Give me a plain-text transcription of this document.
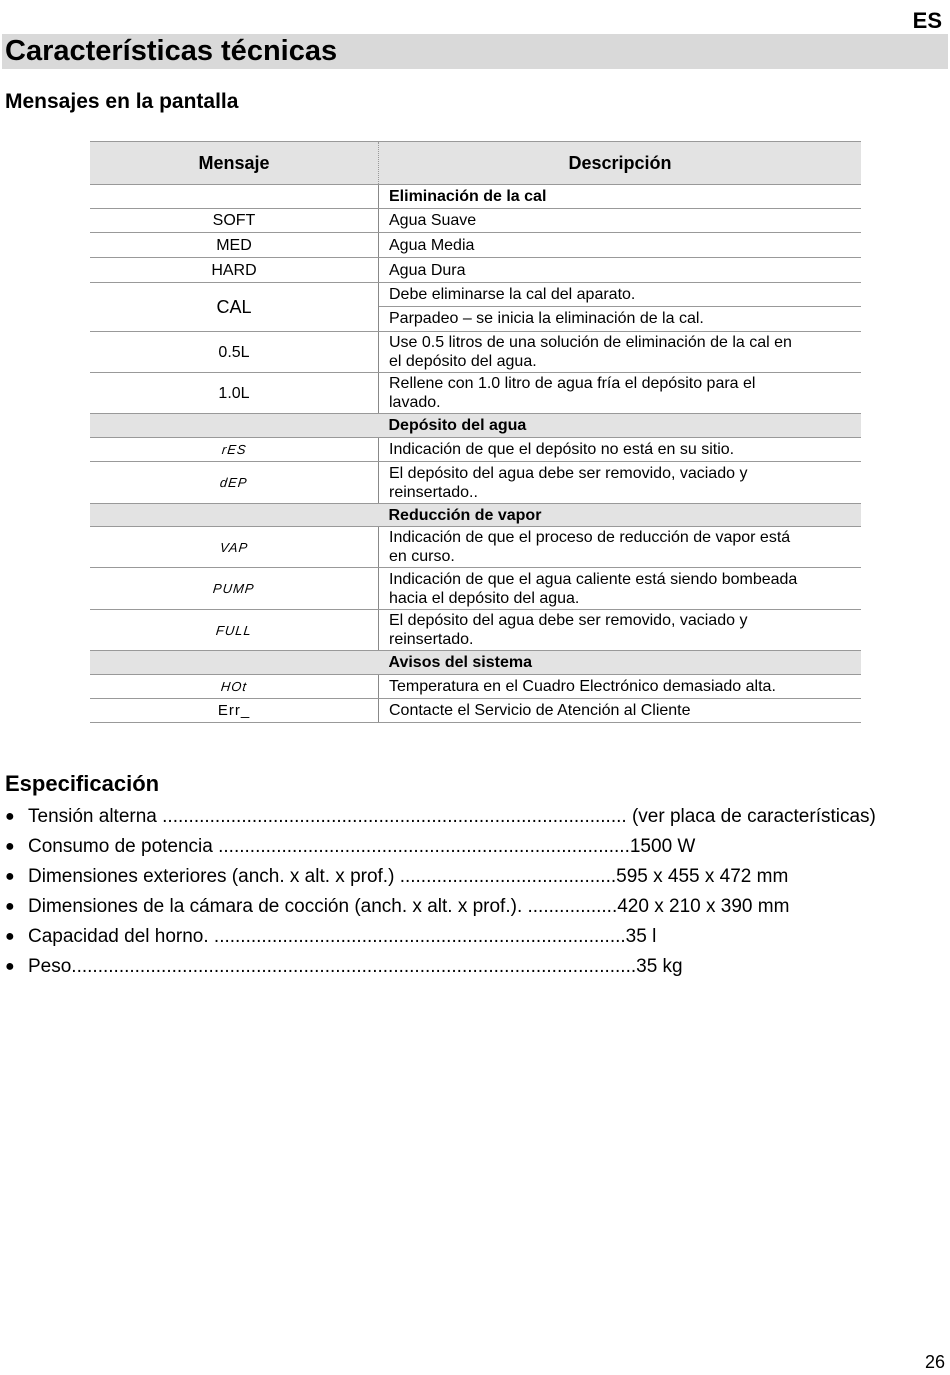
ES
Características técnicas
Mensajes en la pantalla
Mensaje	Descripción
	Eliminación de la cal
SOFT	Agua Suave
MED	Agua Media
HARD	Agua Dura
CAL	Debe eliminarse la cal del aparato.
Parpadeo – se inicia la eliminación de la cal.

0.5L	Use 0.5 litros de una solución de eliminación de la cal en
el depósito del agua.

1.0L	Rellene con 1.0 litro de agua fría el depósito para el
lavado.

	Depósito del agua
rES	Indicación de que el depósito no está en su sitio.
dEP	El depósito del agua debe ser removido, vaciado y
reinsertado..

	Reducción de vapor
VAP	Indicación de que el proceso de reducción de vapor está
en curso.

PUMP	Indicación de que el agua caliente está siendo bombeada
hacia el depósito del agua.

FULL	El depósito del agua debe ser removido, vaciado y
reinsertado.

	Avisos del sistema
HOt	Temperatura en el Cuadro Electrónico demasiado alta.
Err_	Contacte el Servicio de Atención al Cliente
Especificación
● Tensión alterna ........................................................................................ (ver placa de características)
● Consumo de potencia ..............................................................................1500 W
● Dimensiones exteriores (anch. x alt. x prof.) .........................................595 x 455 x 472 mm
● Dimensiones de la cámara de cocción (anch. x alt. x prof.). .................420 x 210 x 390 mm
● Capacidad del horno. ..............................................................................35 l
● Peso...........................................................................................................35 kg
26
